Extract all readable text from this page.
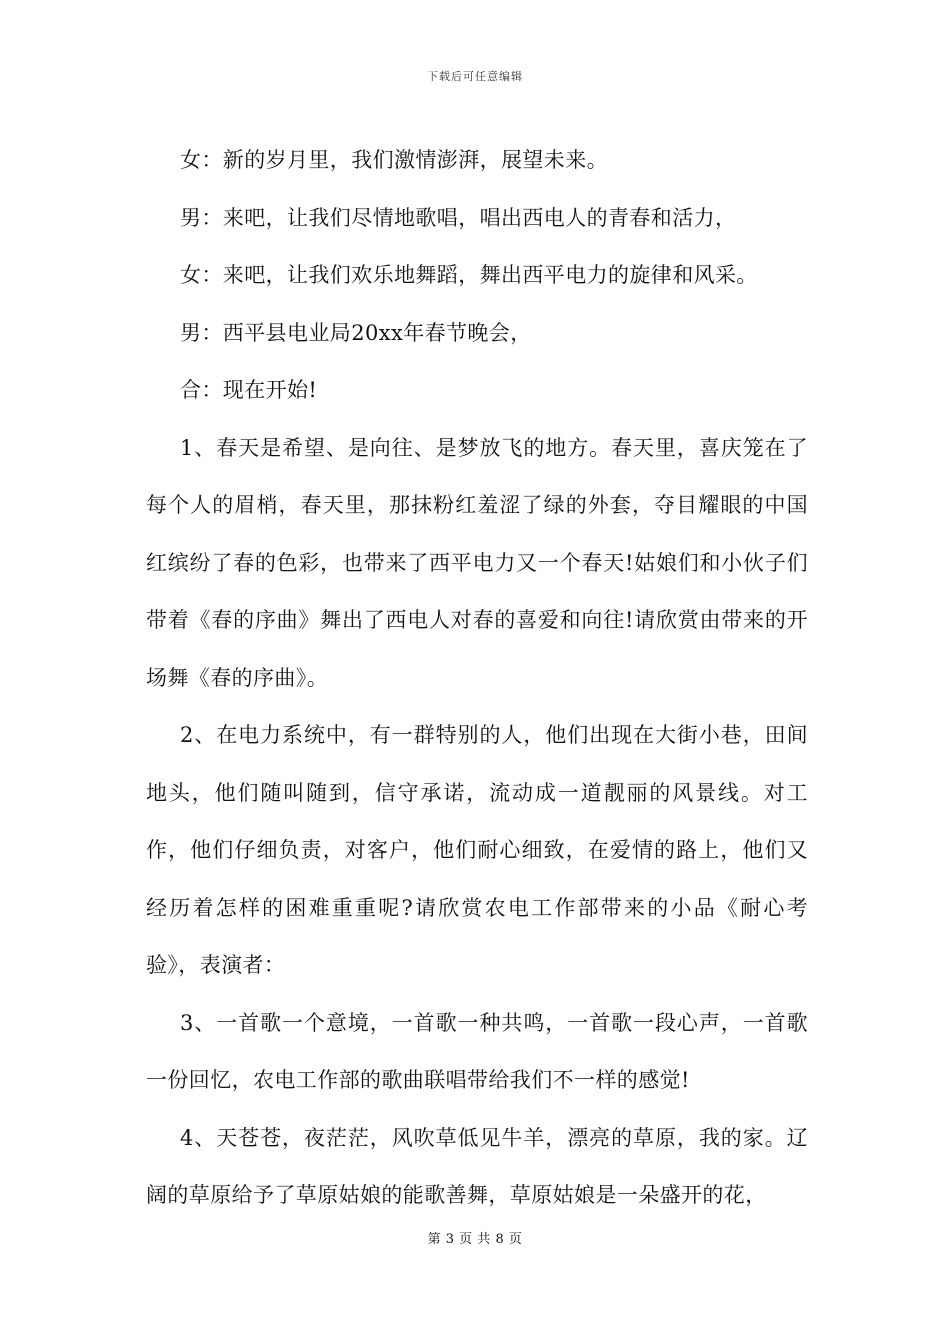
下载后可任意编辑

女：新的岁月里，我们激情澎湃，展望未来。

男：来吧，让我们尽情地歌唱，唱出西电人的青春和活力，

女：来吧，让我们欢乐地舞蹈，舞出西平电力的旋律和风采。

男：西平县电业局20xx年春节晚会，

合：现在开始!

1、春天是希望、是向往、是梦放飞的地方。春天里，喜庆笼在了每个人的眉梢，春天里，那抹粉红羞涩了绿的外套，夺目耀眼的中国红缤纷了春的色彩，也带来了西平电力又一个春天!姑娘们和小伙子们带着《春的序曲》舞出了西电人对春的喜爱和向往!请欣赏由带来的开场舞《春的序曲》。

2、在电力系统中，有一群特别的人，他们出现在大街小巷，田间地头，他们随叫随到，信守承诺，流动成一道靓丽的风景线。对工作，他们仔细负责，对客户，他们耐心细致，在爱情的路上，他们又经历着怎样的困难重重呢?请欣赏农电工作部带来的小品《耐心考验》，表演者：

3、一首歌一个意境，一首歌一种共鸣，一首歌一段心声，一首歌一份回忆，农电工作部的歌曲联唱带给我们不一样的感觉!

4、天苍苍，夜茫茫，风吹草低见牛羊，漂亮的草原，我的家。辽阔的草原给予了草原姑娘的能歌善舞，草原姑娘是一朵盛开的花，

第 3 页 共 8 页
